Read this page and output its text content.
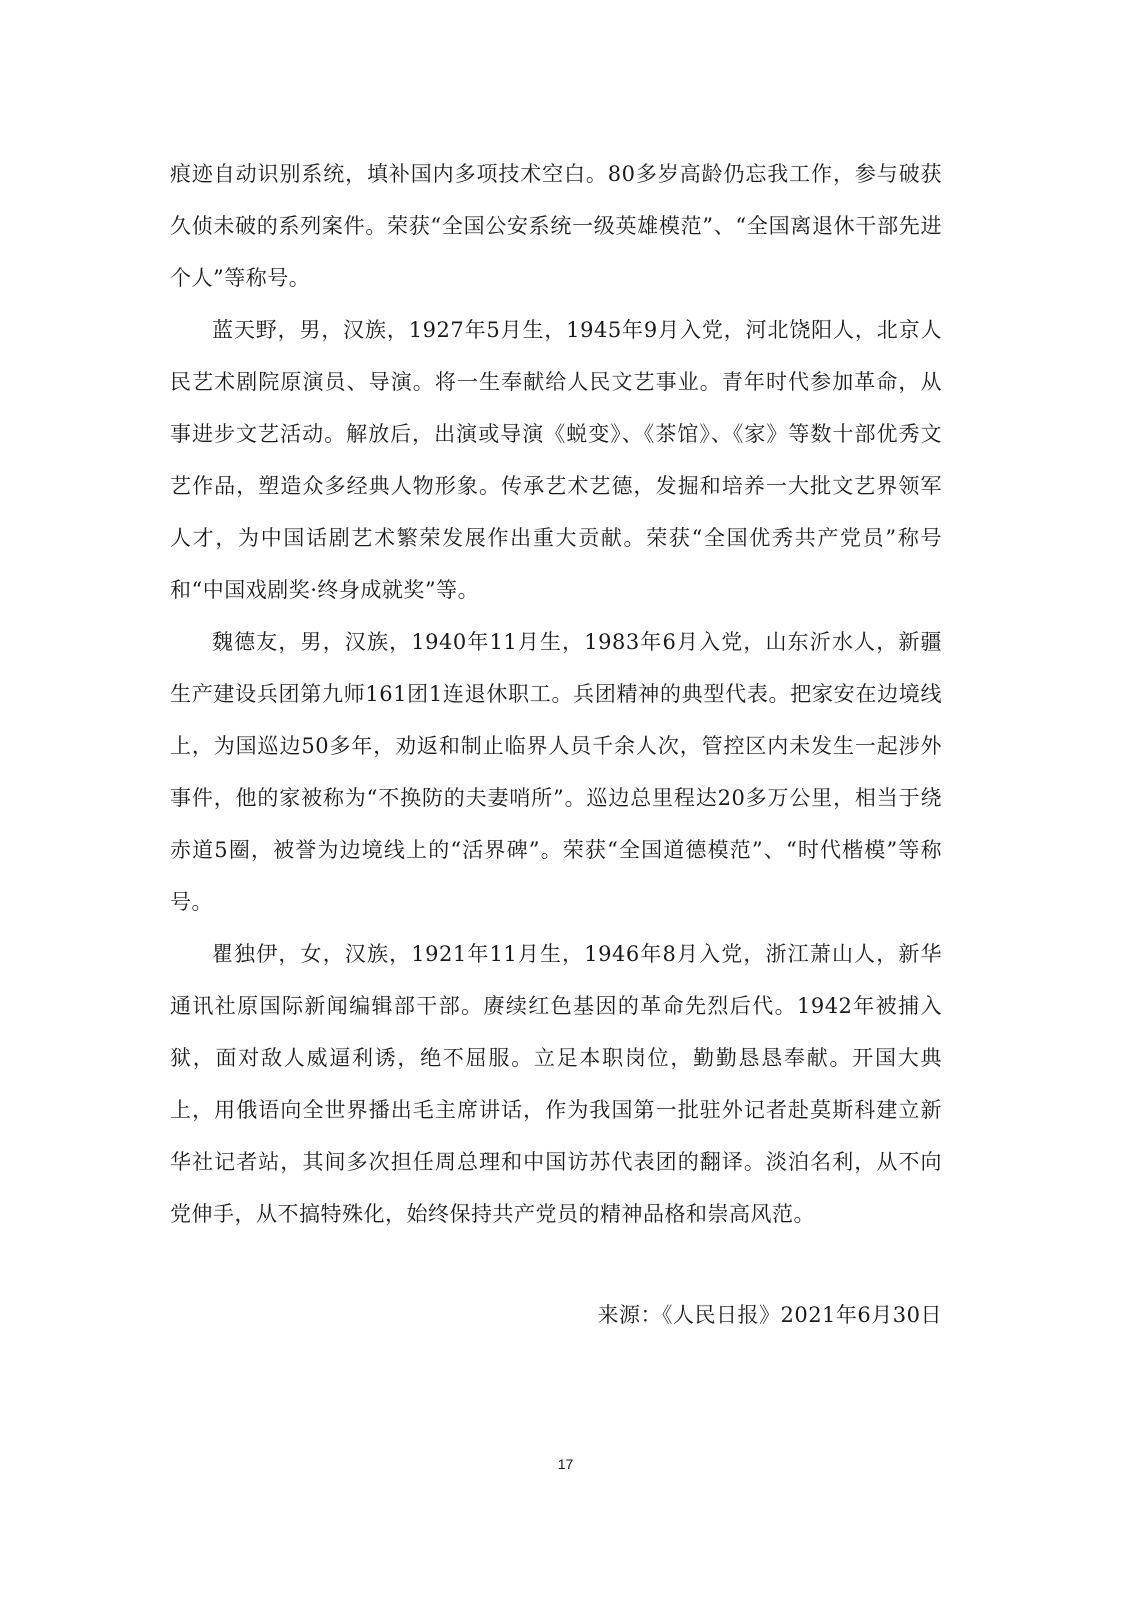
痕迹自动识别系统，填补国内多项技术空白。80多岁高龄仍忘我工作，参与破获久侦未破的系列案件。荣获“全国公安系统一级英雄模范”、“全国离退休干部先进个人”等称号。

蓝天野，男，汉族，1927年5月生，1945年9月入党，河北饶阳人，北京人民艺术剧院原演员、导演。将一生奉献给人民文艺事业。青年时代参加革命，从事进步文艺活动。解放后，出演或导演《蜕变》、《茶馆》、《家》等数十部优秀文艺作品，塑造众多经典人物形象。传承艺术艺德，发掘和培养一大批文艺界领军人才，为中国话剧艺术繁荣发展作出重大贡献。荣获“全国优秀共产党员”称号和“中国戏剧奖·终身成就奖”等。

魏德友，男，汉族，1940年11月生，1983年6月入党，山东沂水人，新疆生产建设兵团第九师161团1连退休职工。兵团精神的典型代表。把家安在边境线上，为国巡边50多年，劝返和制止临界人员千余人次，管控区内未发生一起涉外事件，他的家被称为“不换防的夫妻哨所”。巡边总里程达20多万公里，相当于绕赤道5圈，被誉为边境线上的“活界碑”。荣获“全国道德模范”、“时代楷模”等称号。

瞿独伊，女，汉族，1921年11月生，1946年8月入党，浙江萧山人，新华通讯社原国际新闻编辑部干部。赓续红色基因的革命先烈后代。1942年被捕入狱，面对敌人威逼利诱，绝不屈服。立足本职岗位，勤勤恳恳奉献。开国大典上，用俄语向全世界播出毛主席讲话，作为我国第一批驻外记者赴莫斯科建立新华社记者站，其间多次担任周总理和中国访苏代表团的翻译。淡泊名利，从不向党伸手，从不搞特殊化，始终保持共产党员的精神品格和崇高风范。

来源：《人民日报》2021年6月30日
17
